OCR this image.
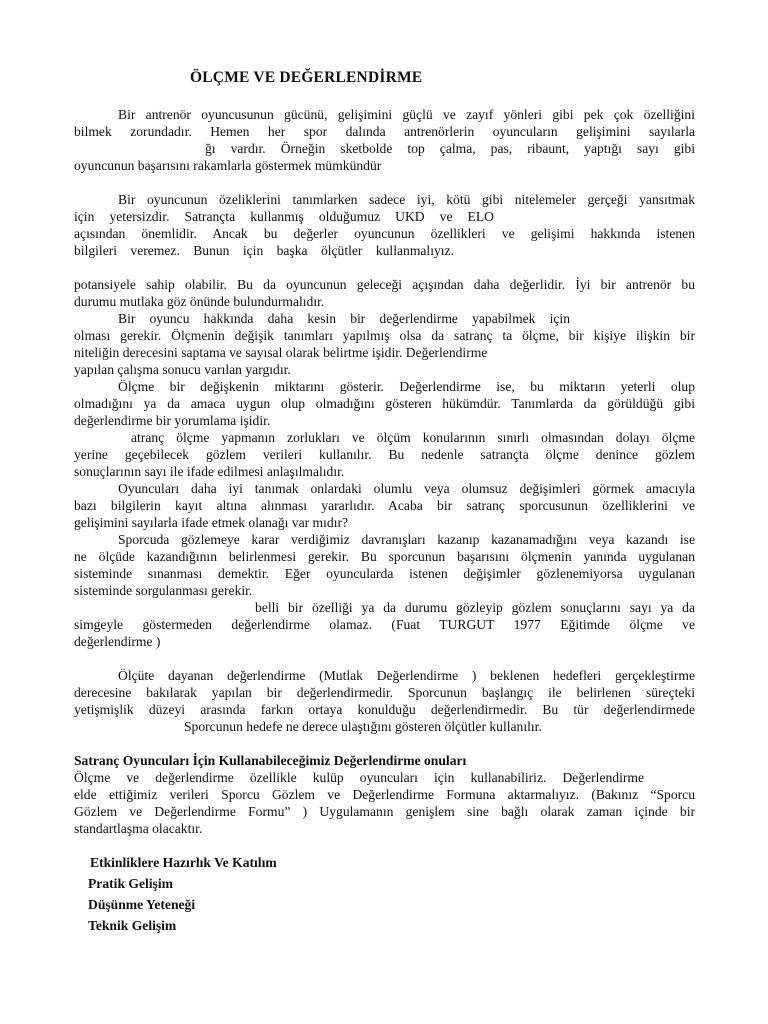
ÖLÇME VE DEĞERLENDİRME
Bir antrenör oyuncusunun gücünü, gelişimini güçlü ve zayıf yönleri gibi pek çok özelliğini
bilmek zorundadır. Hemen her spor dalında antrenörlerin oyuncuların gelişimini sayılarla
ğı vardır. Örneğin sketbolde top çalma, pas, ribaunt, yaptığı sayı gibi
oyuncunun başarısını rakamlarla göstermek mümkündür
Bir oyuncunun özeliklerini tanımlarken sadece iyi, kötü gibi nitelemeler gerçeği yansıtmak
için yetersizdir. Satrançta kullanmış olduğumuz UKD ve ELO
açısından önemlidir. Ancak bu değerler oyuncunun özellikleri ve gelişimi hakkında istenen
bilgileri veremez. Bunun için başka ölçütler kullanmalıyız.
potansiyele sahip olabilir. Bu da oyuncunun geleceği açışından daha değerlidir. İyi bir antrenör bu
durumu mutlaka göz önünde bulundurmalıdır.
Bir oyuncu hakkında daha kesin bir değerlendirme yapabilmek için
olması gerekir. Ölçmenin değişik tanımları yapılmış olsa da satranç ta ölçme, bir kişiye ilişkin bir
niteliğin derecesini saptama ve sayısal olarak belirtme işidir. Değerlendirme
yapılan çalışma sonucu varılan yargıdır.
Ölçme bir değişkenin miktarını gösterir. Değerlendirme ise, bu miktarın yeterli olup
olmadığını ya da amaca uygun olup olmadığını gösteren hükümdür. Tanımlarda da görüldüğü gibi
değerlendirme bir yorumlama işidir.
atranç ölçme yapmanın zorlukları ve ölçüm konularının sınırlı olmasından dolayı ölçme
yerine geçebilecek gözlem verileri kullanılır. Bu nedenle satrançta ölçme denince gözlem
sonuçlarının sayı ile ifade edilmesi anlaşılmalıdır.
Oyuncuları daha iyi tanımak onlardaki olumlu veya olumsuz değişimleri görmek amacıyla
bazı bilgilerin kayıt altına alınması yararlıdır. Acaba bir satranç sporcusunun özelliklerini ve
gelişimini sayılarla ifade etmek olanağı var mıdır?
Sporcuda gözlemeye karar verdiğimiz davranışları kazanıp kazanamadığını veya kazandı ise
ne ölçüde kazandığının belirlenmesi gerekir. Bu sporcunun başarısını ölçmenin yanında uygulanan
sisteminde sınanması demektir. Eğer oyuncularda istenen değişimler gözlenemiyorsa uygulanan
sisteminde sorgulanması gerekir.
belli bir özelliği ya da durumu gözleyip gözlem sonuçlarını sayı ya da
simgeyle göstermeden değerlendirme olamaz. (Fuat TURGUT 1977 Eğitimde ölçme ve
değerlendirme )
Ölçüte dayanan değerlendirme (Mutlak Değerlendirme ) beklenen hedefleri gerçekleştirme
derecesine bakılarak yapılan bir değerlendirmedir. Sporcunun başlangıç ile belirlenen süreçteki
yetişmişlik düzeyi arasında farkın ortaya konulduğu değerlendirmedir. Bu tür değerlendirmede
Sporcunun hedefe ne derece ulaştığını gösteren ölçütler kullanılır.
Satranç Oyuncuları İçin Kullanabileceğimiz Değerlendirme onuları
Ölçme ve değerlendirme özellikle kulüp oyuncuları için kullanabiliriz. Değerlendirme
elde ettiğimiz verileri Sporcu Gözlem ve Değerlendirme Formuna aktarmalıyız. (Bakınız “Sporcu
Gözlem ve Değerlendirme Formu” ) Uygulamanın genişlem sine bağlı olarak zaman içinde bir
standartlaşma olacaktır.
Etkinliklere Hazırlık Ve Katılım
Pratik Gelişim
Düşünme Yeteneği
Teknik Gelişim
